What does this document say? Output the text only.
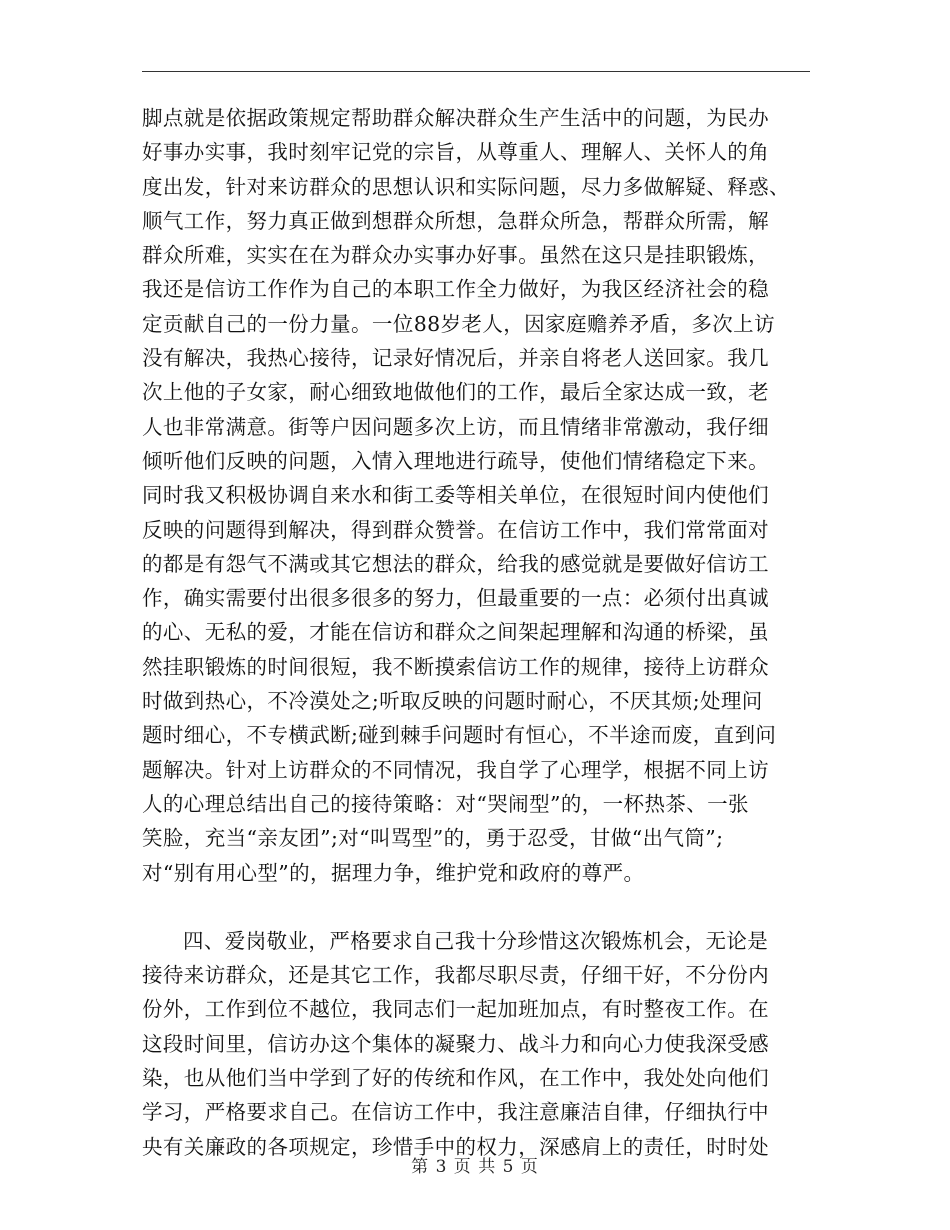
脚点就是依据政策规定帮助群众解决群众生产生活中的问题，为民办
好事办实事，我时刻牢记党的宗旨，从尊重人、理解人、关怀人的角
度出发，针对来访群众的思想认识和实际问题，尽力多做解疑、释惑、
顺气工作，努力真正做到想群众所想，急群众所急，帮群众所需，解
群众所难，实实在在为群众办实事办好事。虽然在这只是挂职锻炼，
我还是信访工作作为自己的本职工作全力做好，为我区经济社会的稳
定贡献自己的一份力量。一位88岁老人，因家庭赡养矛盾，多次上访
没有解决，我热心接待，记录好情况后，并亲自将老人送回家。我几
次上他的子女家，耐心细致地做他们的工作，最后全家达成一致，老
人也非常满意。街等户因问题多次上访，而且情绪非常激动，我仔细
倾听他们反映的问题，入情入理地进行疏导，使他们情绪稳定下来。
同时我又积极协调自来水和街工委等相关单位，在很短时间内使他们
反映的问题得到解决，得到群众赞誉。在信访工作中，我们常常面对
的都是有怨气不满或其它想法的群众，给我的感觉就是要做好信访工
作，确实需要付出很多很多的努力，但最重要的一点：必须付出真诚
的心、无私的爱，才能在信访和群众之间架起理解和沟通的桥梁，虽
然挂职锻炼的时间很短，我不断摸索信访工作的规律，接待上访群众
时做到热心，不冷漠处之;听取反映的问题时耐心，不厌其烦;处理问
题时细心，不专横武断;碰到棘手问题时有恒心，不半途而废，直到问
题解决。针对上访群众的不同情况，我自学了心理学，根据不同上访
人的心理总结出自己的接待策略：对“哭闹型”的，一杯热茶、一张
笑脸，充当“亲友团”;对“叫骂型”的，勇于忍受，甘做“出气筒”;
对“别有用心型”的，据理力争，维护党和政府的尊严。
四、爱岗敬业，严格要求自己我十分珍惜这次锻炼机会，无论是
接待来访群众，还是其它工作，我都尽职尽责，仔细干好，不分份内
份外，工作到位不越位，我同志们一起加班加点，有时整夜工作。在
这段时间里，信访办这个集体的凝聚力、战斗力和向心力使我深受感
染，也从他们当中学到了好的传统和作风，在工作中，我处处向他们
学习，严格要求自己。在信访工作中，我注意廉洁自律，仔细执行中
央有关廉政的各项规定，珍惜手中的权力，深感肩上的责任，时时处
第 3 页 共 5 页
